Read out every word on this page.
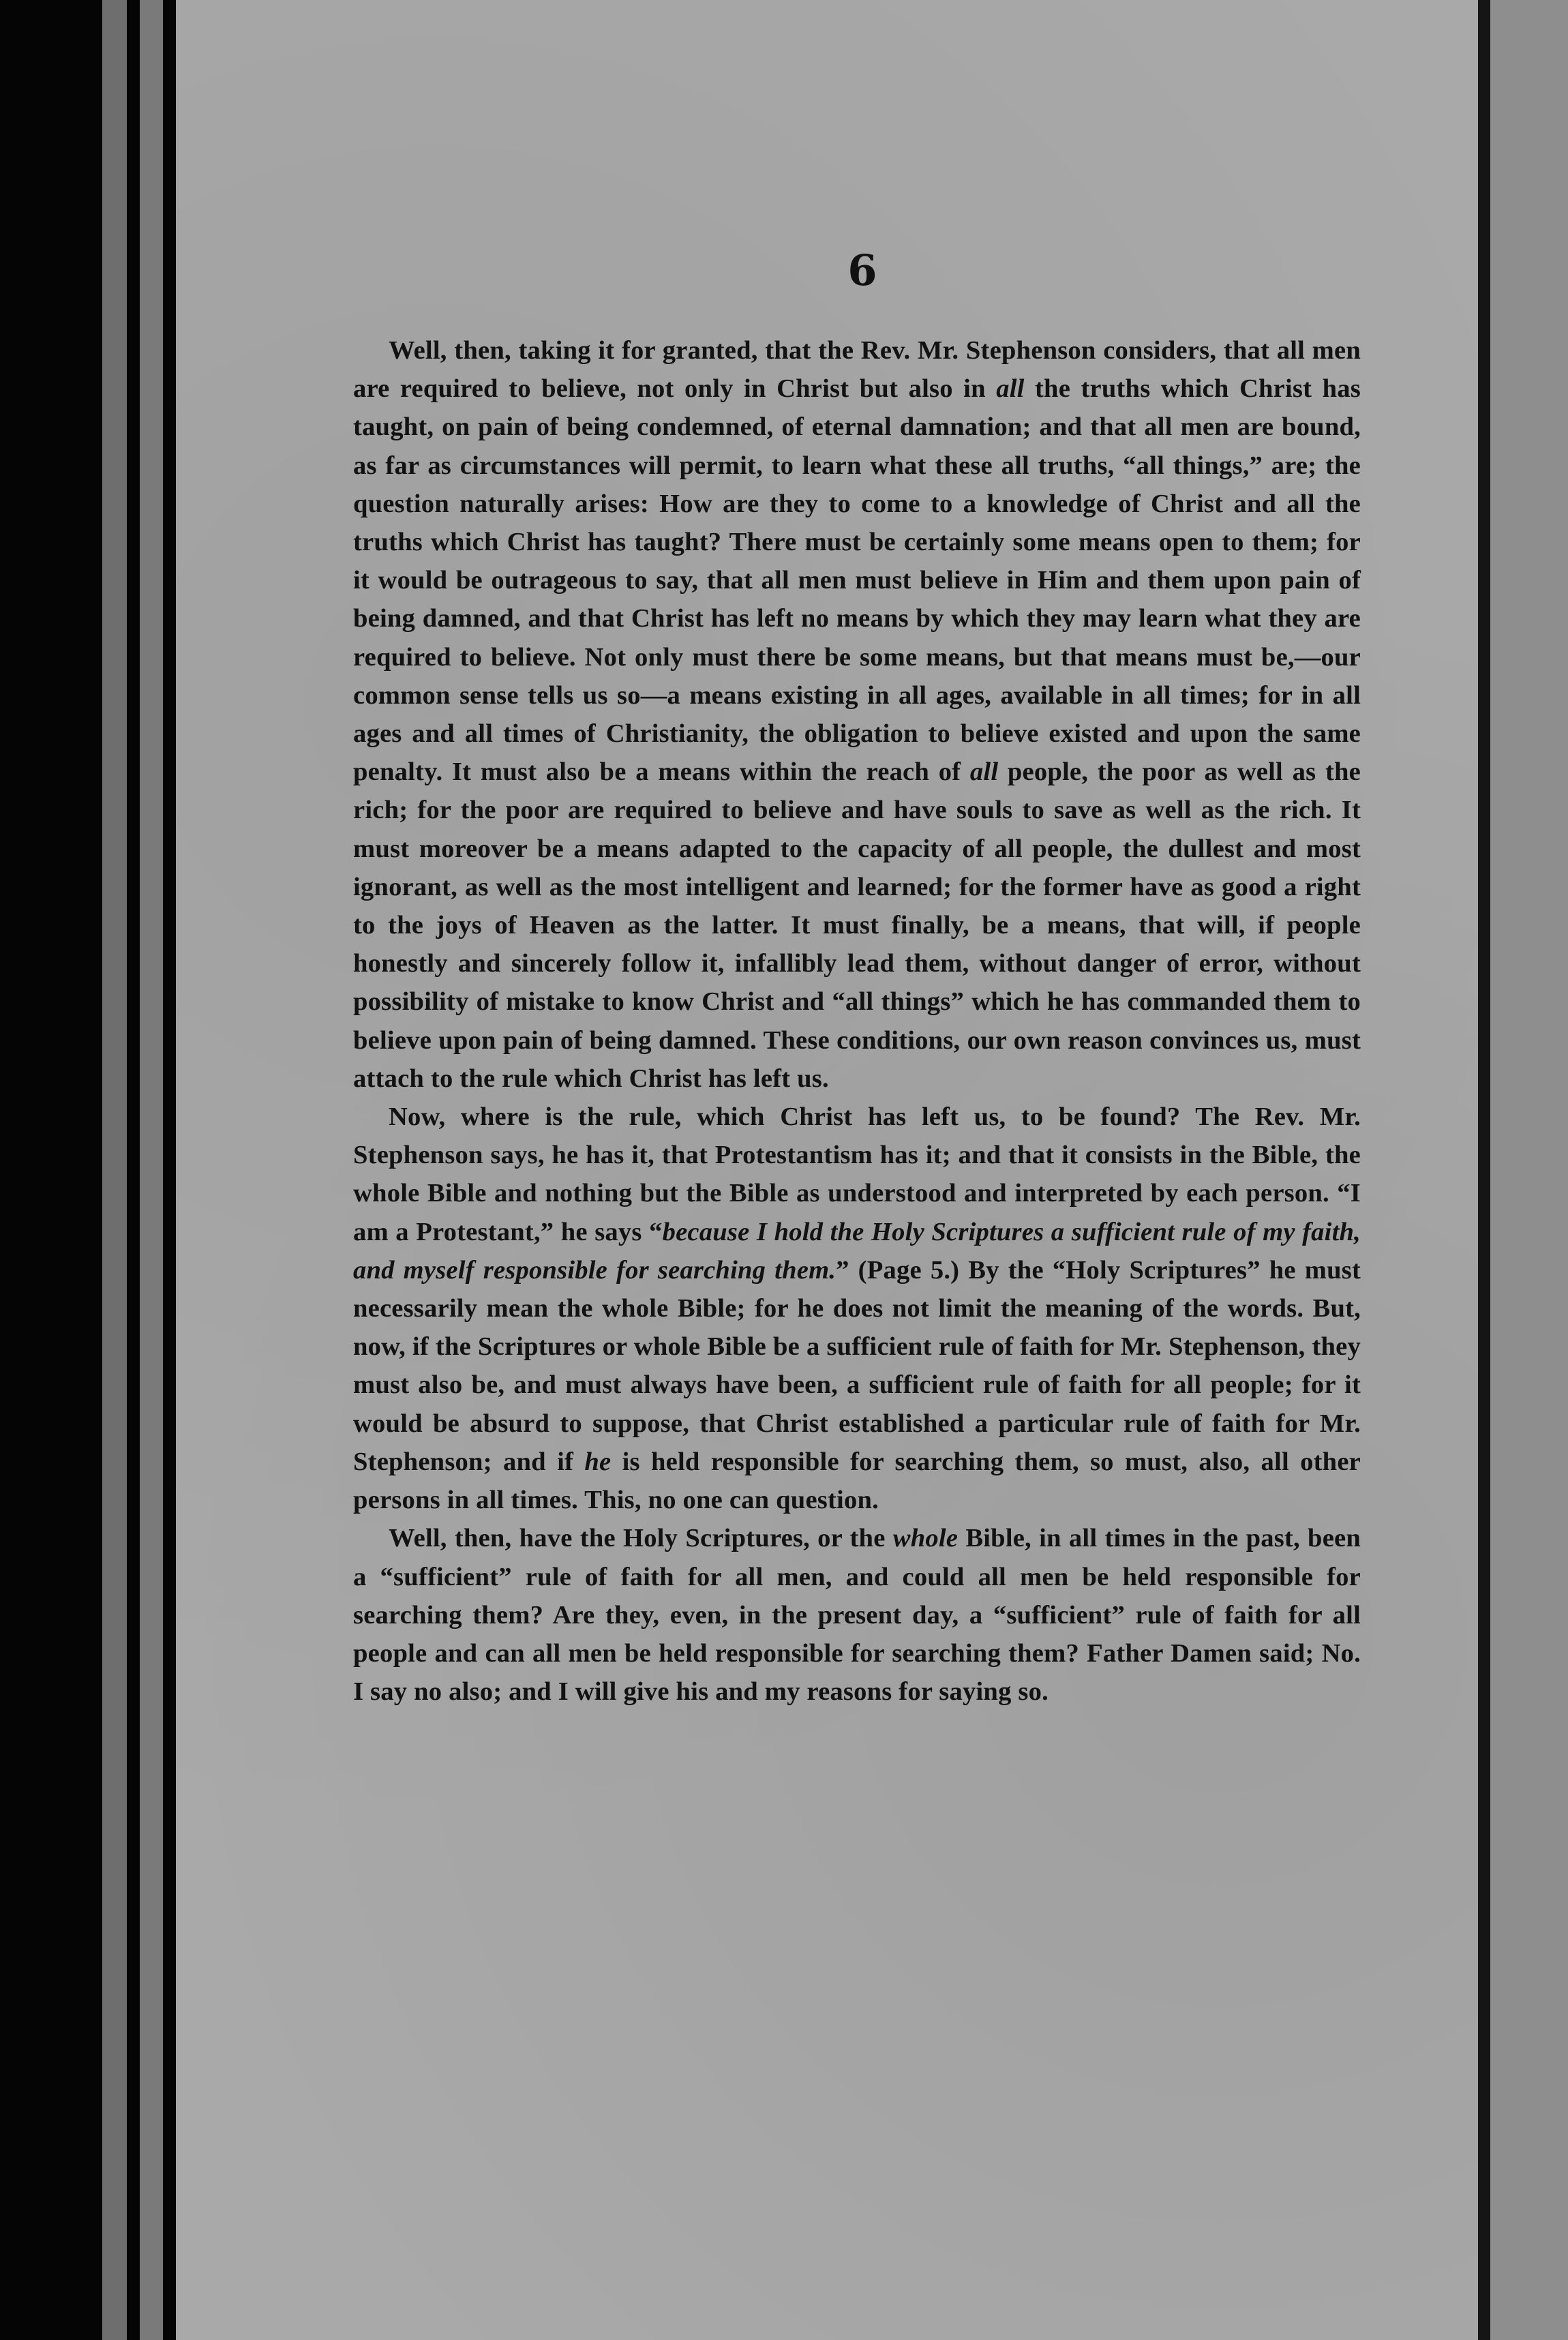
6

Well, then, taking it for granted, that the Rev. Mr. Stephenson considers, that all men are required to believe, not only in Christ but also in all the truths which Christ has taught, on pain of being condemned, of eternal damnation; and that all men are bound, as far as circumstances will permit, to learn what these all truths, “all things,” are; the question naturally arises: How are they to come to a knowledge of Christ and all the truths which Christ has taught? There must be certainly some means open to them; for it would be outrageous to say, that all men must believe in Him and them upon pain of being damned, and that Christ has left no means by which they may learn what they are required to believe. Not only must there be some means, but that means must be,—our common sense tells us so—a means existing in all ages, available in all times; for in all ages and all times of Christianity, the obligation to believe existed and upon the same penalty. It must also be a means within the reach of all people, the poor as well as the rich; for the poor are required to believe and have souls to save as well as the rich. It must moreover be a means adapted to the capacity of all people, the dullest and most ignorant, as well as the most intelligent and learned; for the former have as good a right to the joys of Heaven as the latter. It must finally, be a means, that will, if people honestly and sincerely follow it, infallibly lead them, without danger of error, without possibility of mistake to know Christ and “all things” which he has commanded them to believe upon pain of being damned. These conditions, our own reason convinces us, must attach to the rule which Christ has left us.

Now, where is the rule, which Christ has left us, to be found? The Rev. Mr. Stephenson says, he has it, that Protestantism has it; and that it consists in the Bible, the whole Bible and nothing but the Bible as understood and interpreted by each person. “I am a Protestant,” he says “because I hold the Holy Scriptures a sufficient rule of my faith, and myself responsible for searching them.” (Page 5.) By the “Holy Scriptures” he must necessarily mean the whole Bible; for he does not limit the meaning of the words. But, now, if the Scriptures or whole Bible be a sufficient rule of faith for Mr. Stephenson, they must also be, and must always have been, a sufficient rule of faith for all people; for it would be absurd to suppose, that Christ established a particular rule of faith for Mr. Stephenson; and if he is held responsible for searching them, so must, also, all other persons in all times. This, no one can question.

Well, then, have the Holy Scriptures, or the whole Bible, in all times in the past, been a “sufficient” rule of faith for all men, and could all men be held responsible for searching them? Are they, even, in the present day, a “sufficient” rule of faith for all people and can all men be held responsible for searching them? Father Damen said; No. I say no also; and I will give his and my reasons for saying so.
